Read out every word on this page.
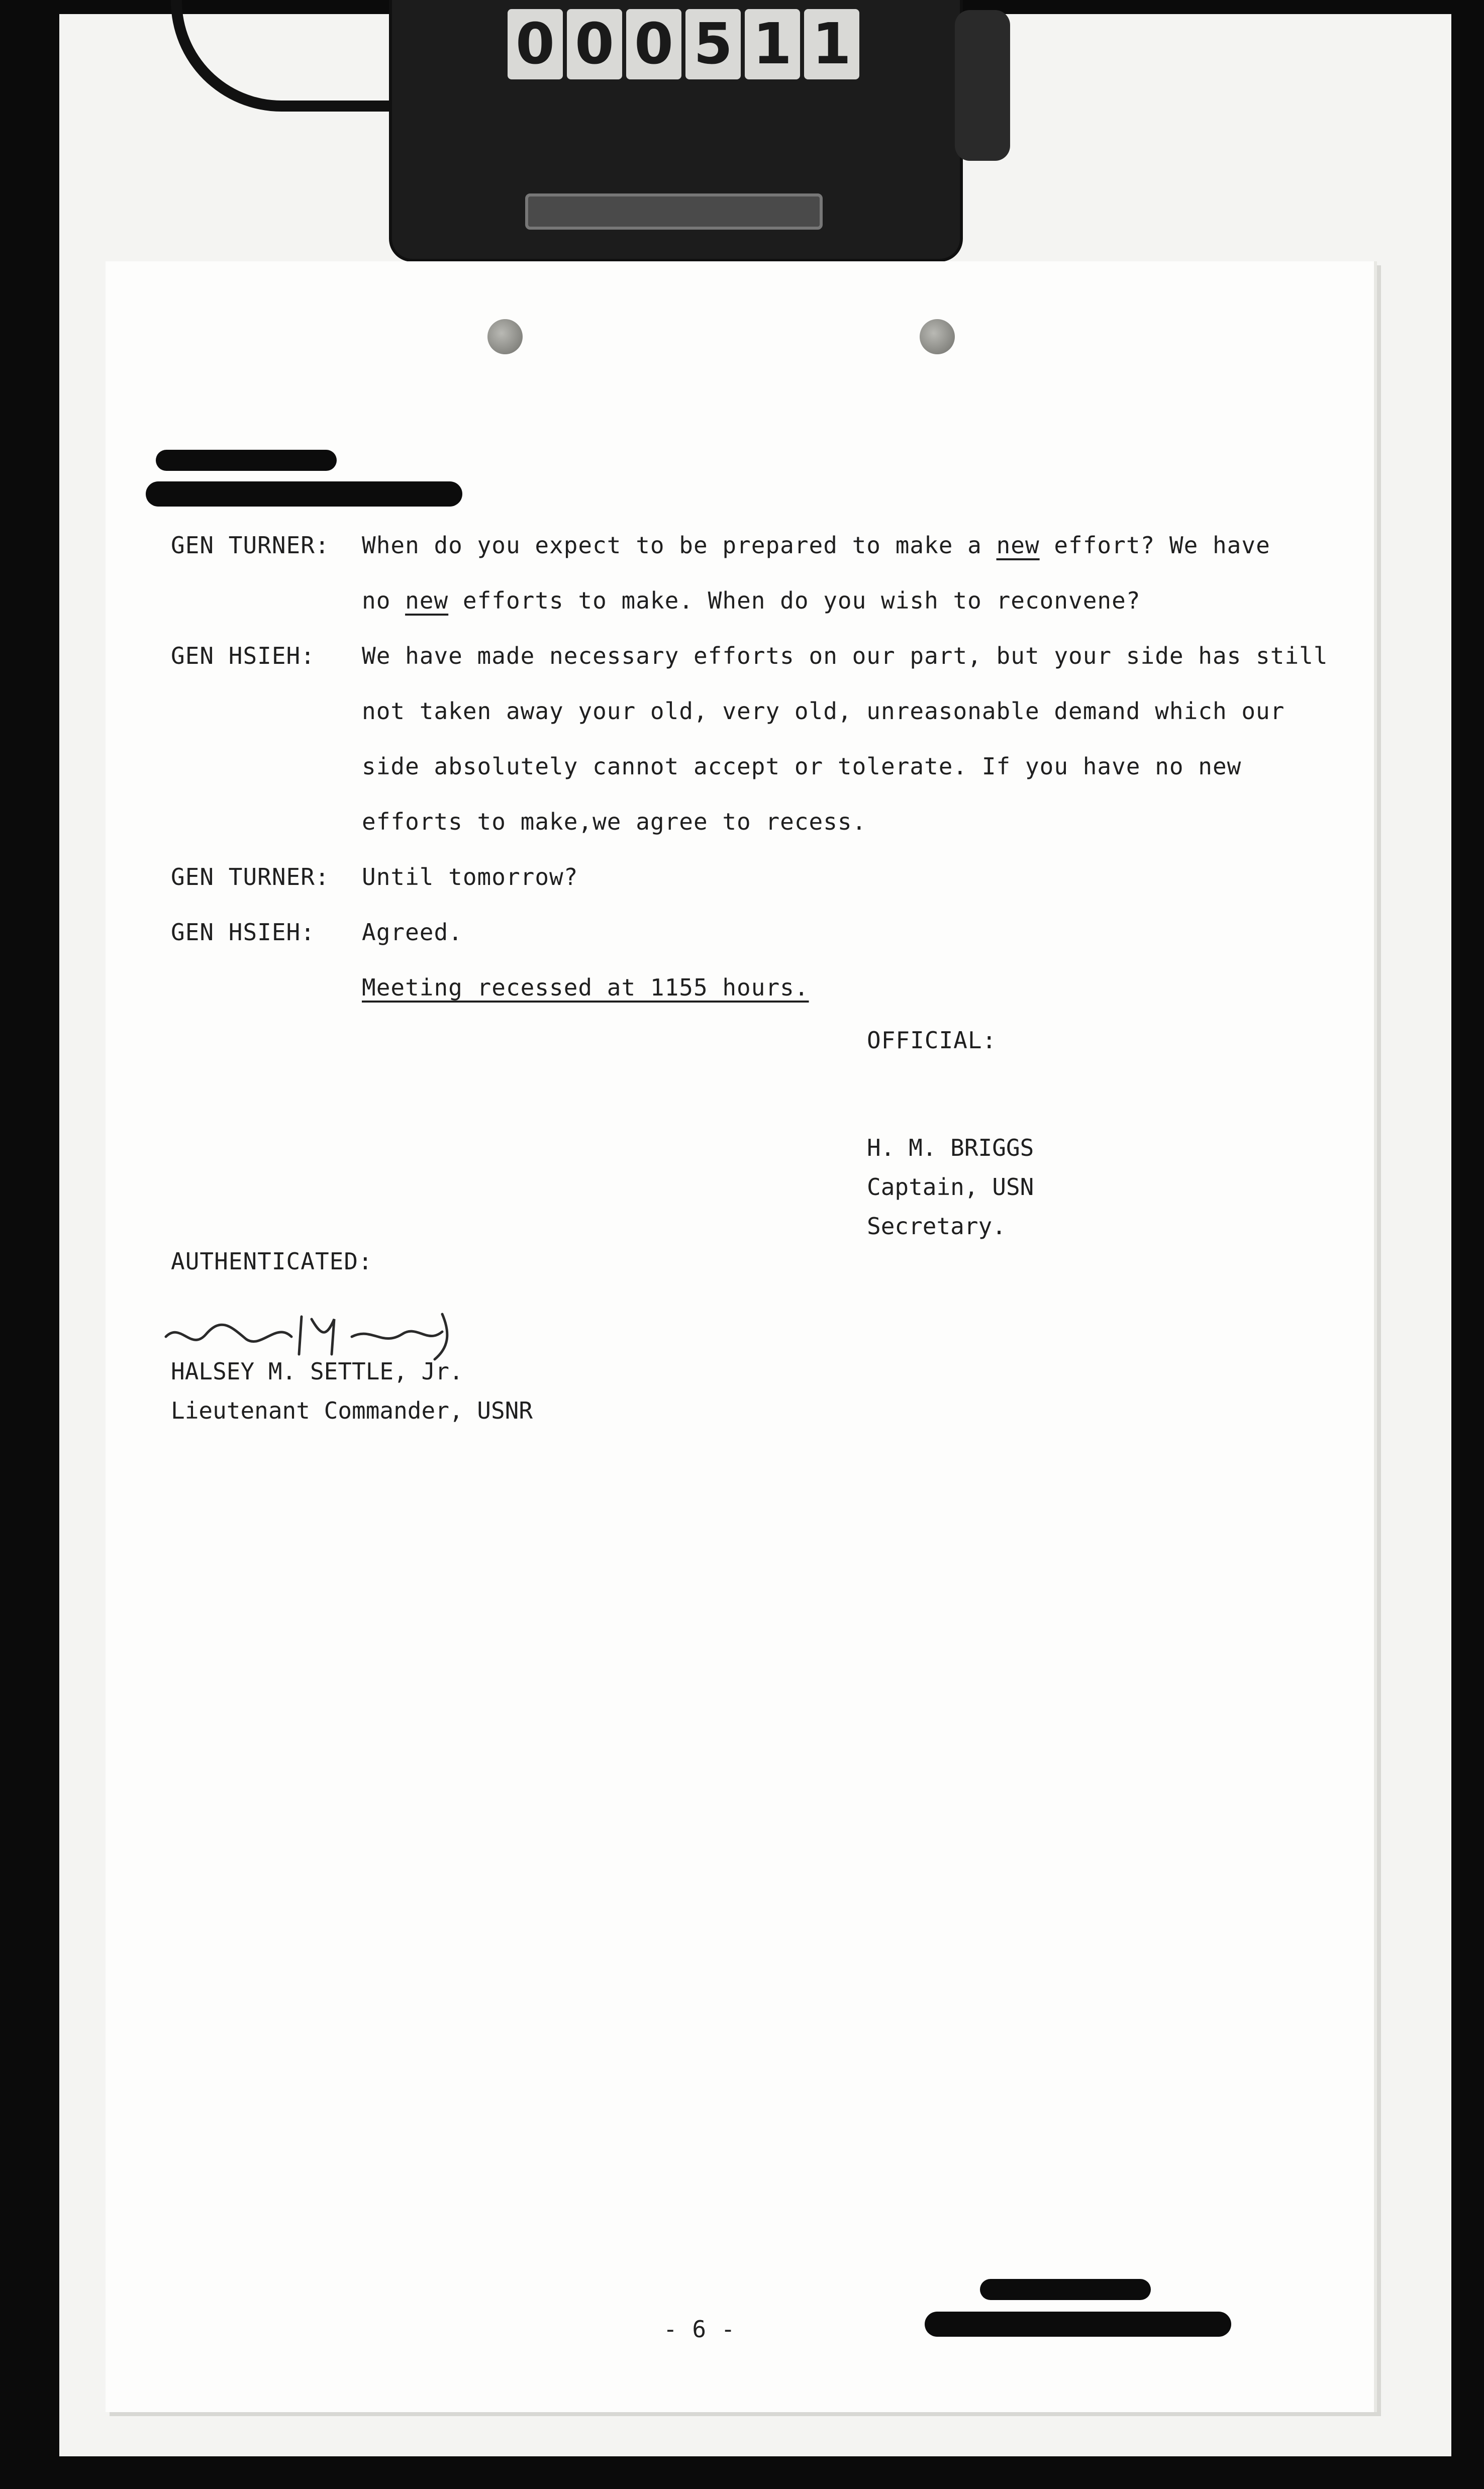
0 0 0 5 1 1
GEN TURNER: When do you expect to be prepared to make a new effort? We have
no new efforts to make. When do you wish to reconvene?
GEN HSIEH: We have made necessary efforts on our part, but your side has still
not taken away your old, very old, unreasonable demand which our
side absolutely cannot accept or tolerate. If you have no new
efforts to make,we agree to recess.
GEN TURNER: Until tomorrow?
GEN HSIEH: Agreed.
Meeting recessed at 1155 hours.
OFFICIAL:
H. M. BRIGGS
Captain, USN
Secretary.
AUTHENTICATED:
HALSEY M. SETTLE, Jr.
Lieutenant Commander, USNR
- 6 -
